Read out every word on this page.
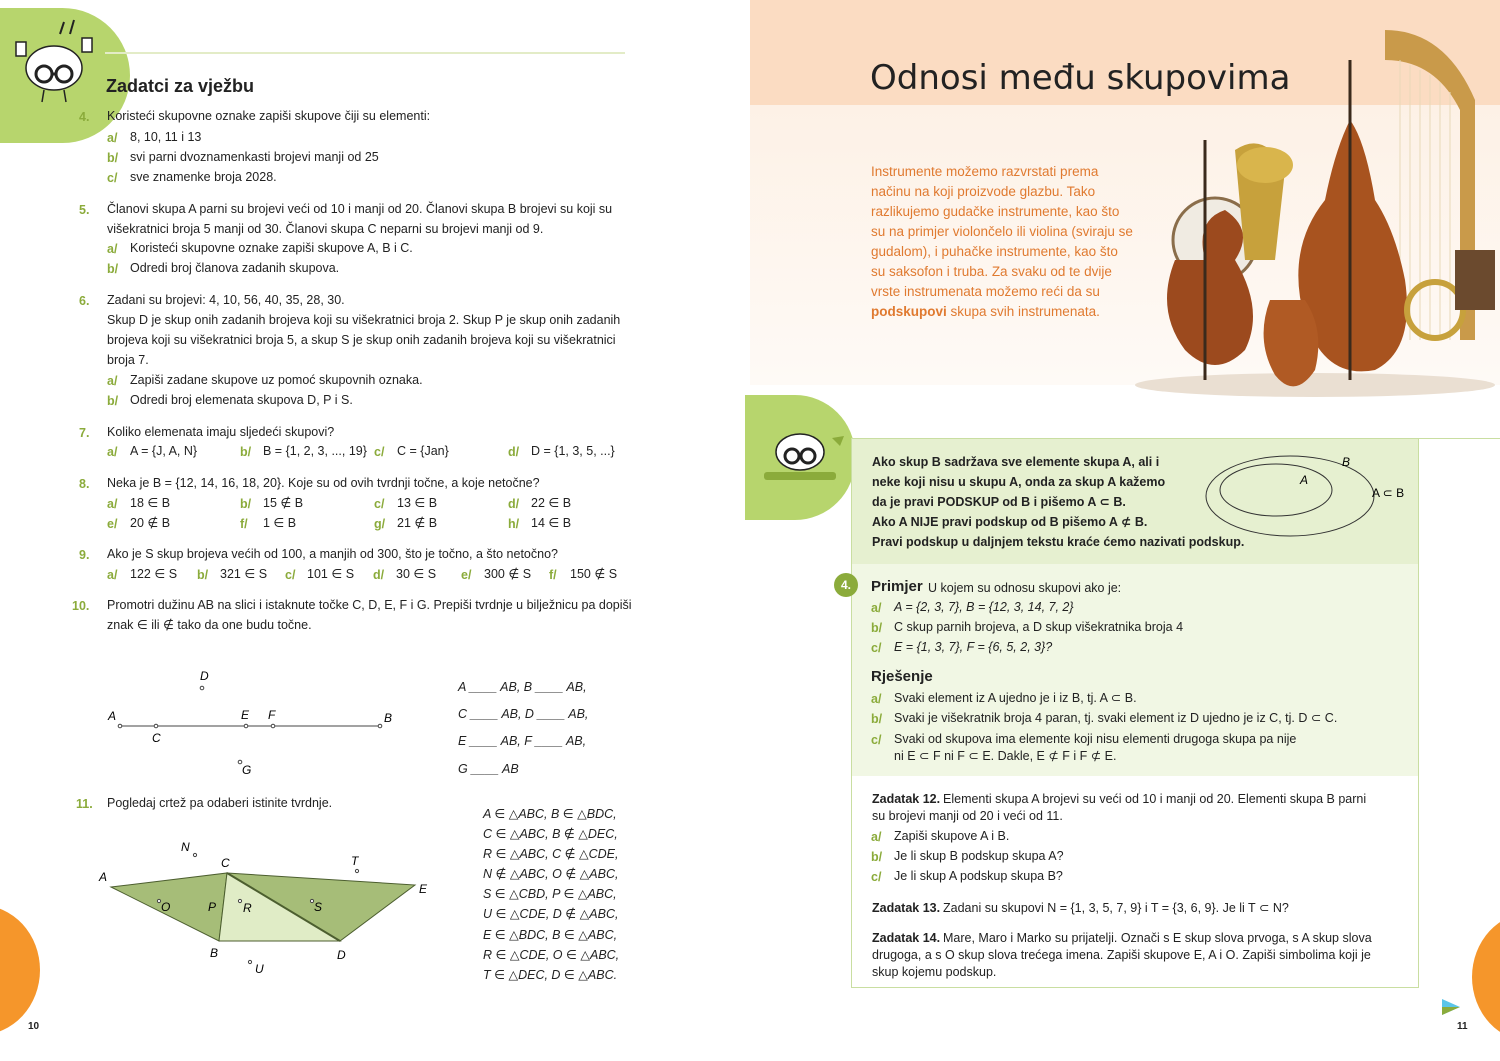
Zadatci za vježbu
4. Koristeći skupovne oznake zapiši skupove čiji su elementi:
a/ 8, 10, 11 i 13
b/ svi parni dvoznamenkasti brojevi manji od 25
c/ sve znamenke broja 2028.
5. Članovi skupa A parni su brojevi veći od 10 i manji od 20. Članovi skupa B brojevi su koji su
višekratnici broja 5 manji od 30. Članovi skupa C neparni su brojevi manji od 9.
a/ Koristeći skupovne oznake zapiši skupove A, B i C.
b/ Odredi broj članova zadanih skupova.
6. Zadani su brojevi: 4, 10, 56, 40, 35, 28, 30.
Skup D je skup onih zadanih brojeva koji su višekratnici broja 2. Skup P je skup onih zadanih
brojeva koji su višekratnici broja 5, a skup S je skup onih zadanih brojeva koji su višekratnici
broja 7.
a/ Zapiši zadane skupove uz pomoć skupovnih oznaka.
b/ Odredi broj elemenata skupova D, P i S.
7. Koliko elemenata imaju sljedeći skupovi?
a/ A = {J, A, N}	b/ B = {1, 2, 3, ..., 19} c/ C = {Jan}	d/ D = {1, 3, 5, ...}
8. Neka je B = {12, 14, 16, 18, 20}. Koje su od ovih tvrdnji točne, a koje netočne?
a/ 18 ∈ B	b/ 15 ∉ B	c/ 13 ∈ B	d/ 22 ∈ B
e/ 20 ∉ B	f/ 1 ∈ B	g/ 21 ∉ B	h/ 14 ∈ B
9. Ako je S skup brojeva većih od 100, a manjih od 300, što je točno, a što netočno?
a/ 122 ∈ S b/ 321 ∈ S c/ 101 ∈ S d/ 30 ∈ S e/ 300 ∉ S f/ 150 ∉ S
10. Promotri dužinu AB na slici i istaknute točke C, D, E, F i G. Prepiši tvrdnje u bilježnicu pa dopiši
znak ∈ ili ∉ tako da one budu točne.
A	B
C
D
E F
G
A ____ AB, B ____ AB,
C ____ AB, D ____ AB,
E ____ AB, F ____ AB,
G ____ AB
11. Pogledaj crtež pa odaberi istinite tvrdnje.
A
B
C
D
E
N
O	P R	S
T
U
A ∈ △ABC, B ∈ △BDC,
C ∈ △ABC, B ∉ △DEC,
R ∈ △ABC, C ∉ △CDE,
N ∉ △ABC, O ∉ △ABC,
S ∈ △CBD, P ∈ △ABC,
U ∈ △CDE, D ∉ △ABC,
E ∈ △BDC, B ∈ △ABC,
R ∈ △CDE, O ∈ △ABC,
T ∈ △DEC, D ∈ △ABC.
10
Odnosi među skupovima
Instrumente možemo razvrstati prema
načinu na koji proizvode glazbu. Tako
razlikujemo gudačke instrumente, kao što
su na primjer violončelo ili violina (sviraju se
gudalom), i puhačke instrumente, kao što
su saksofon i truba. Za svaku od te dvije
vrste instrumenata možemo reći da su
podskupovi skupa svih instrumenata.
Ako skup B sadržava sve elemente skupa A, ali i
neke koji nisu u skupu A, onda za skup A kažemo
da je pravi PODSKUP od B i pišemo A ⊂ B.
Ako A NIJE pravi podskup od B pišemo A ⊄ B.
Pravi podskup u daljnjem tekstu kraće ćemo nazivati podskup.
B
A
A ⊂ B
4.	Primjer U kojem su odnosu skupovi ako je:
a/ A = {2, 3, 7}, B = {12, 3, 14, 7, 2}
b/ C skup parnih brojeva, a D skup višekratnika broja 4
c/ E = {1, 3, 7}, F = {6, 5, 2, 3}?
Rješenje
a/ Svaki element iz A ujedno je i iz B, tj. A ⊂ B.
b/ Svaki je višekratnik broja 4 paran, tj. svaki element iz D ujedno je iz C, tj. D ⊂ C.
c/ Svaki od skupova ima elemente koji nisu elementi drugoga skupa pa nije
ni E ⊂ F ni F ⊂ E. Dakle, E ⊄ F i F ⊄ E.
Zadatak 12. Elementi skupa A brojevi su veći od 10 i manji od 20. Elementi skupa B parni
su brojevi manji od 20 i veći od 11.
a/ Zapiši skupove A i B.
b/ Je li skup B podskup skupa A?
c/ Je li skup A podskup skupa B?
Zadatak 13. Zadani su skupovi N = {1, 3, 5, 7, 9} i T = {3, 6, 9}. Je li T ⊂ N?
Zadatak 14. Mare, Maro i Marko su prijatelji. Označi s E skup slova prvoga, s A skup slova
drugoga, a s O skup slova trećega imena. Zapiši skupove E, A i O. Zapiši simbolima koji je
skup kojemu podskup.
11
